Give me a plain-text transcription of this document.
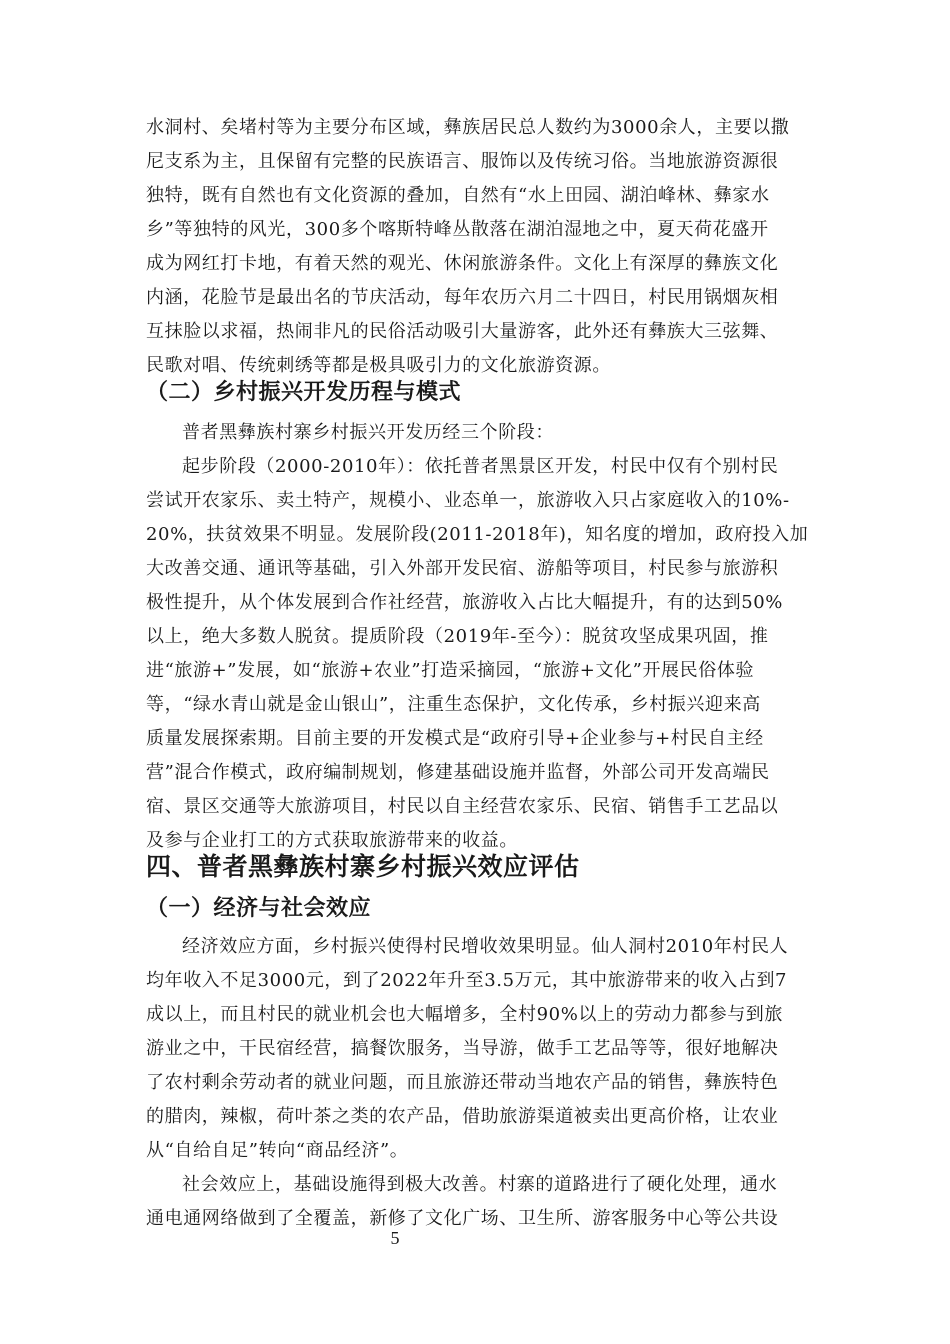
水洞村、矣堵村等为主要分布区域，彝族居民总人数约为3000余人，主要以撒
尼支系为主，且保留有完整的民族语言、服饰以及传统习俗。当地旅游资源很
独特，既有自然也有文化资源的叠加，自然有“水上田园、湖泊峰林、彝家水
乡”等独特的风光，300多个喀斯特峰丛散落在湖泊湿地之中，夏天荷花盛开
成为网红打卡地，有着天然的观光、休闲旅游条件。文化上有深厚的彝族文化
内涵，花脸节是最出名的节庆活动，每年农历六月二十四日，村民用锅烟灰相
互抹脸以求福，热闹非凡的民俗活动吸引大量游客，此外还有彝族大三弦舞、
民歌对唱、传统刺绣等都是极具吸引力的文化旅游资源。
（二）乡村振兴开发历程与模式
普者黑彝族村寨乡村振兴开发历经三个阶段：
起步阶段（2000-2010年）：依托普者黑景区开发，村民中仅有个别村民
尝试开农家乐、卖土特产，规模小、业态单一，旅游收入只占家庭收入的10%-
20%，扶贫效果不明显。发展阶段(2011-2018年)，知名度的增加，政府投入加
大改善交通、通讯等基础，引入外部开发民宿、游船等项目，村民参与旅游积
极性提升，从个体发展到合作社经营，旅游收入占比大幅提升，有的达到50%
以上，绝大多数人脱贫。提质阶段（2019年-至今）：脱贫攻坚成果巩固，推
进“旅游+”发展，如“旅游+农业”打造采摘园，“旅游+文化”开展民俗体验
等，“绿水青山就是金山银山”，注重生态保护，文化传承，乡村振兴迎来高
质量发展探索期。目前主要的开发模式是“政府引导+企业参与+村民自主经
营”混合作模式，政府编制规划，修建基础设施并监督，外部公司开发高端民
宿、景区交通等大旅游项目，村民以自主经营农家乐、民宿、销售手工艺品以
及参与企业打工的方式获取旅游带来的收益。
四、普者黑彝族村寨乡村振兴效应评估
（一）经济与社会效应
经济效应方面，乡村振兴使得村民增收效果明显。仙人洞村2010年村民人
均年收入不足3000元，到了2022年升至3.5万元，其中旅游带来的收入占到7
成以上，而且村民的就业机会也大幅增多，全村90%以上的劳动力都参与到旅
游业之中，干民宿经营，搞餐饮服务，当导游，做手工艺品等等，很好地解决
了农村剩余劳动者的就业问题，而且旅游还带动当地农产品的销售，彝族特色
的腊肉，辣椒，荷叶茶之类的农产品，借助旅游渠道被卖出更高价格，让农业
从“自给自足”转向“商品经济”。
社会效应上，基础设施得到极大改善。村寨的道路进行了硬化处理，通水
通电通网络做到了全覆盖，新修了文化广场、卫生所、游客服务中心等公共设
5
